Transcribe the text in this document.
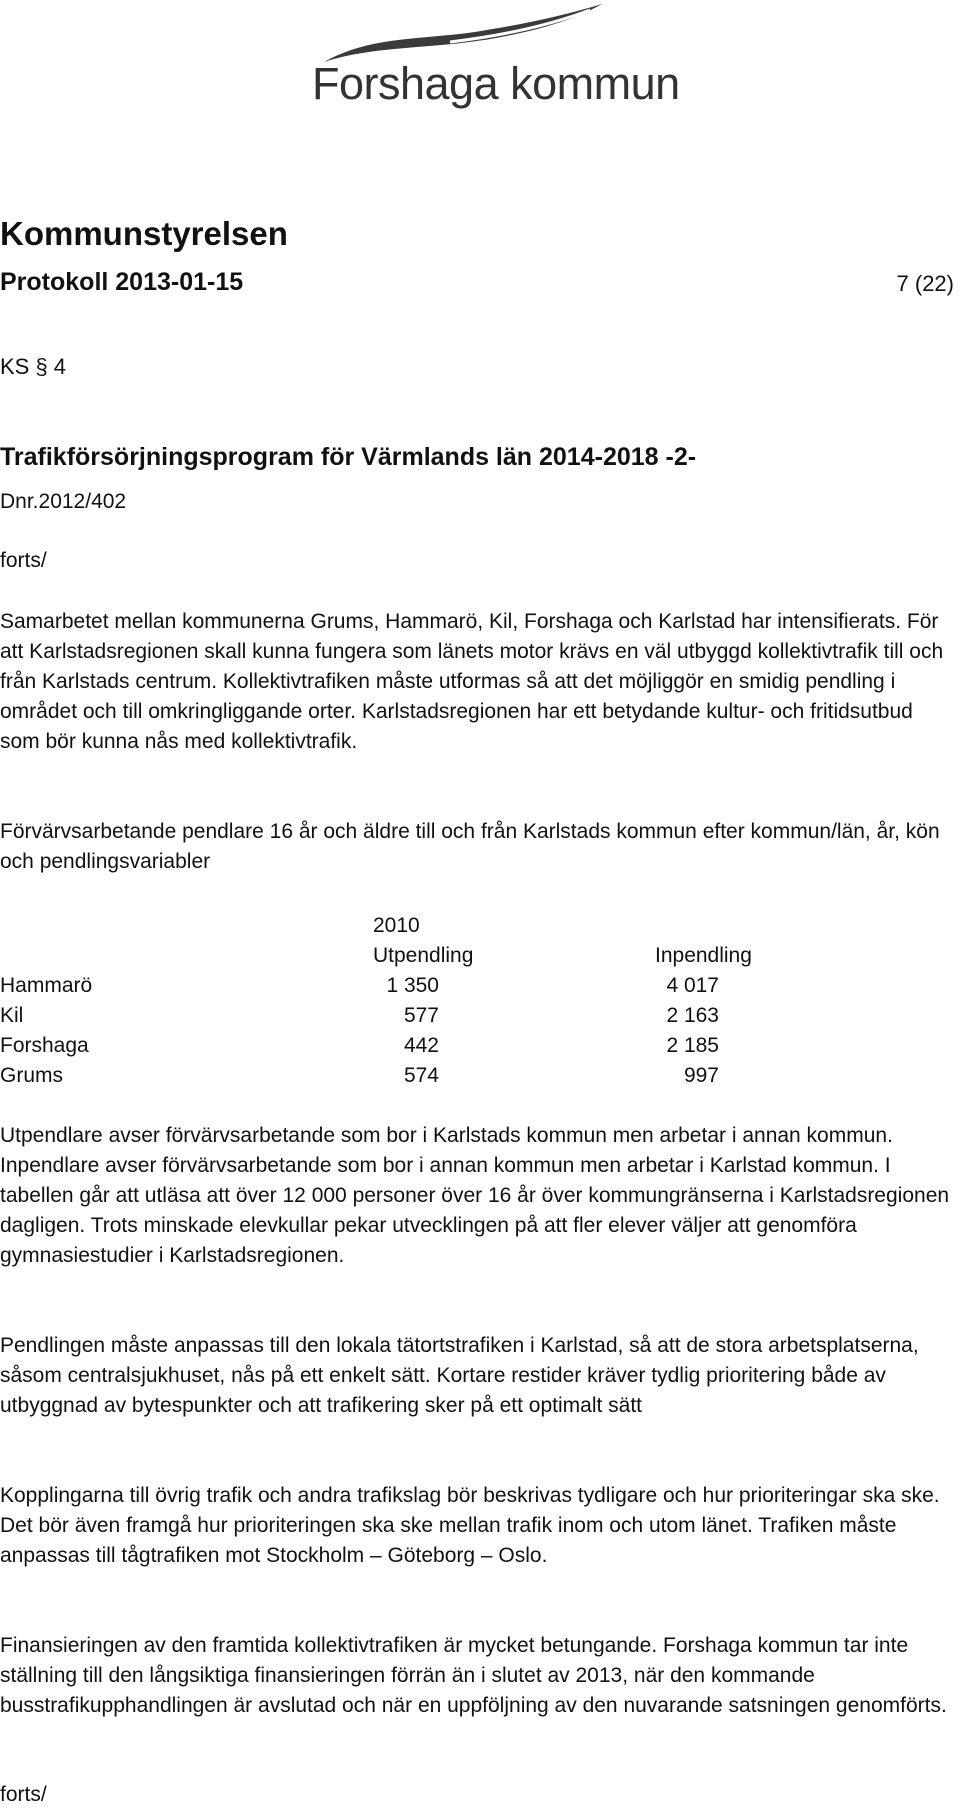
Forshaga kommun
Kommunstyrelsen
Protokoll 2013-01-15	7 (22)
KS § 4
Trafikförsörjningsprogram för Värmlands län 2014-2018 -2-
Dnr.2012/402
forts/

Samarbetet mellan kommunerna Grums, Hammarö, Kil, Forshaga och Karlstad har intensifierats. För att Karlstadsregionen skall kunna fungera som länets motor krävs en väl utbyggd kollektivtrafik till och från Karlstads centrum. Kollektivtrafiken måste utformas så att det möjliggör en smidig pendling i området och till omkringliggande orter. Karlstadsregionen har ett betydande kultur- och fritidsutbud som bör kunna nås med kollektivtrafik.

Förvärvsarbetande pendlare 16 år och äldre till och från Karlstads kommun efter kommun/län, år, kön och pendlingsvariabler

2010
Utpendling	Inpendling
Hammarö	1 350	4 017
Kil	577	2 163
Forshaga	442	2 185
Grums	574	997

Utpendlare avser förvärvsarbetande som bor i Karlstads kommun men arbetar i annan kommun. Inpendlare avser förvärvsarbetande som bor i annan kommun men arbetar i Karlstad kommun. I tabellen går att utläsa att över 12 000 personer över 16 år över kommungränserna i Karlstadsregionen dagligen. Trots minskade elevkullar pekar utvecklingen på att fler elever väljer att genomföra gymnasiestudier i Karlstadsregionen.

Pendlingen måste anpassas till den lokala tätortstrafiken i Karlstad, så att de stora arbetsplatserna, såsom centralsjukhuset, nås på ett enkelt sätt. Kortare restider kräver tydlig prioritering både av utbyggnad av bytespunkter och att trafikering sker på ett optimalt sätt

Kopplingarna till övrig trafik och andra trafikslag bör beskrivas tydligare och hur prioriteringar ska ske. Det bör även framgå hur prioriteringen ska ske mellan trafik inom och utom länet. Trafiken måste anpassas till tågtrafiken mot Stockholm – Göteborg – Oslo.

Finansieringen av den framtida kollektivtrafiken är mycket betungande. Forshaga kommun tar inte ställning till den långsiktiga finansieringen förrän än i slutet av 2013, när den kommande busstrafikupphandlingen är avslutad och när en uppföljning av den nuvarande satsningen genomförts.

forts/
